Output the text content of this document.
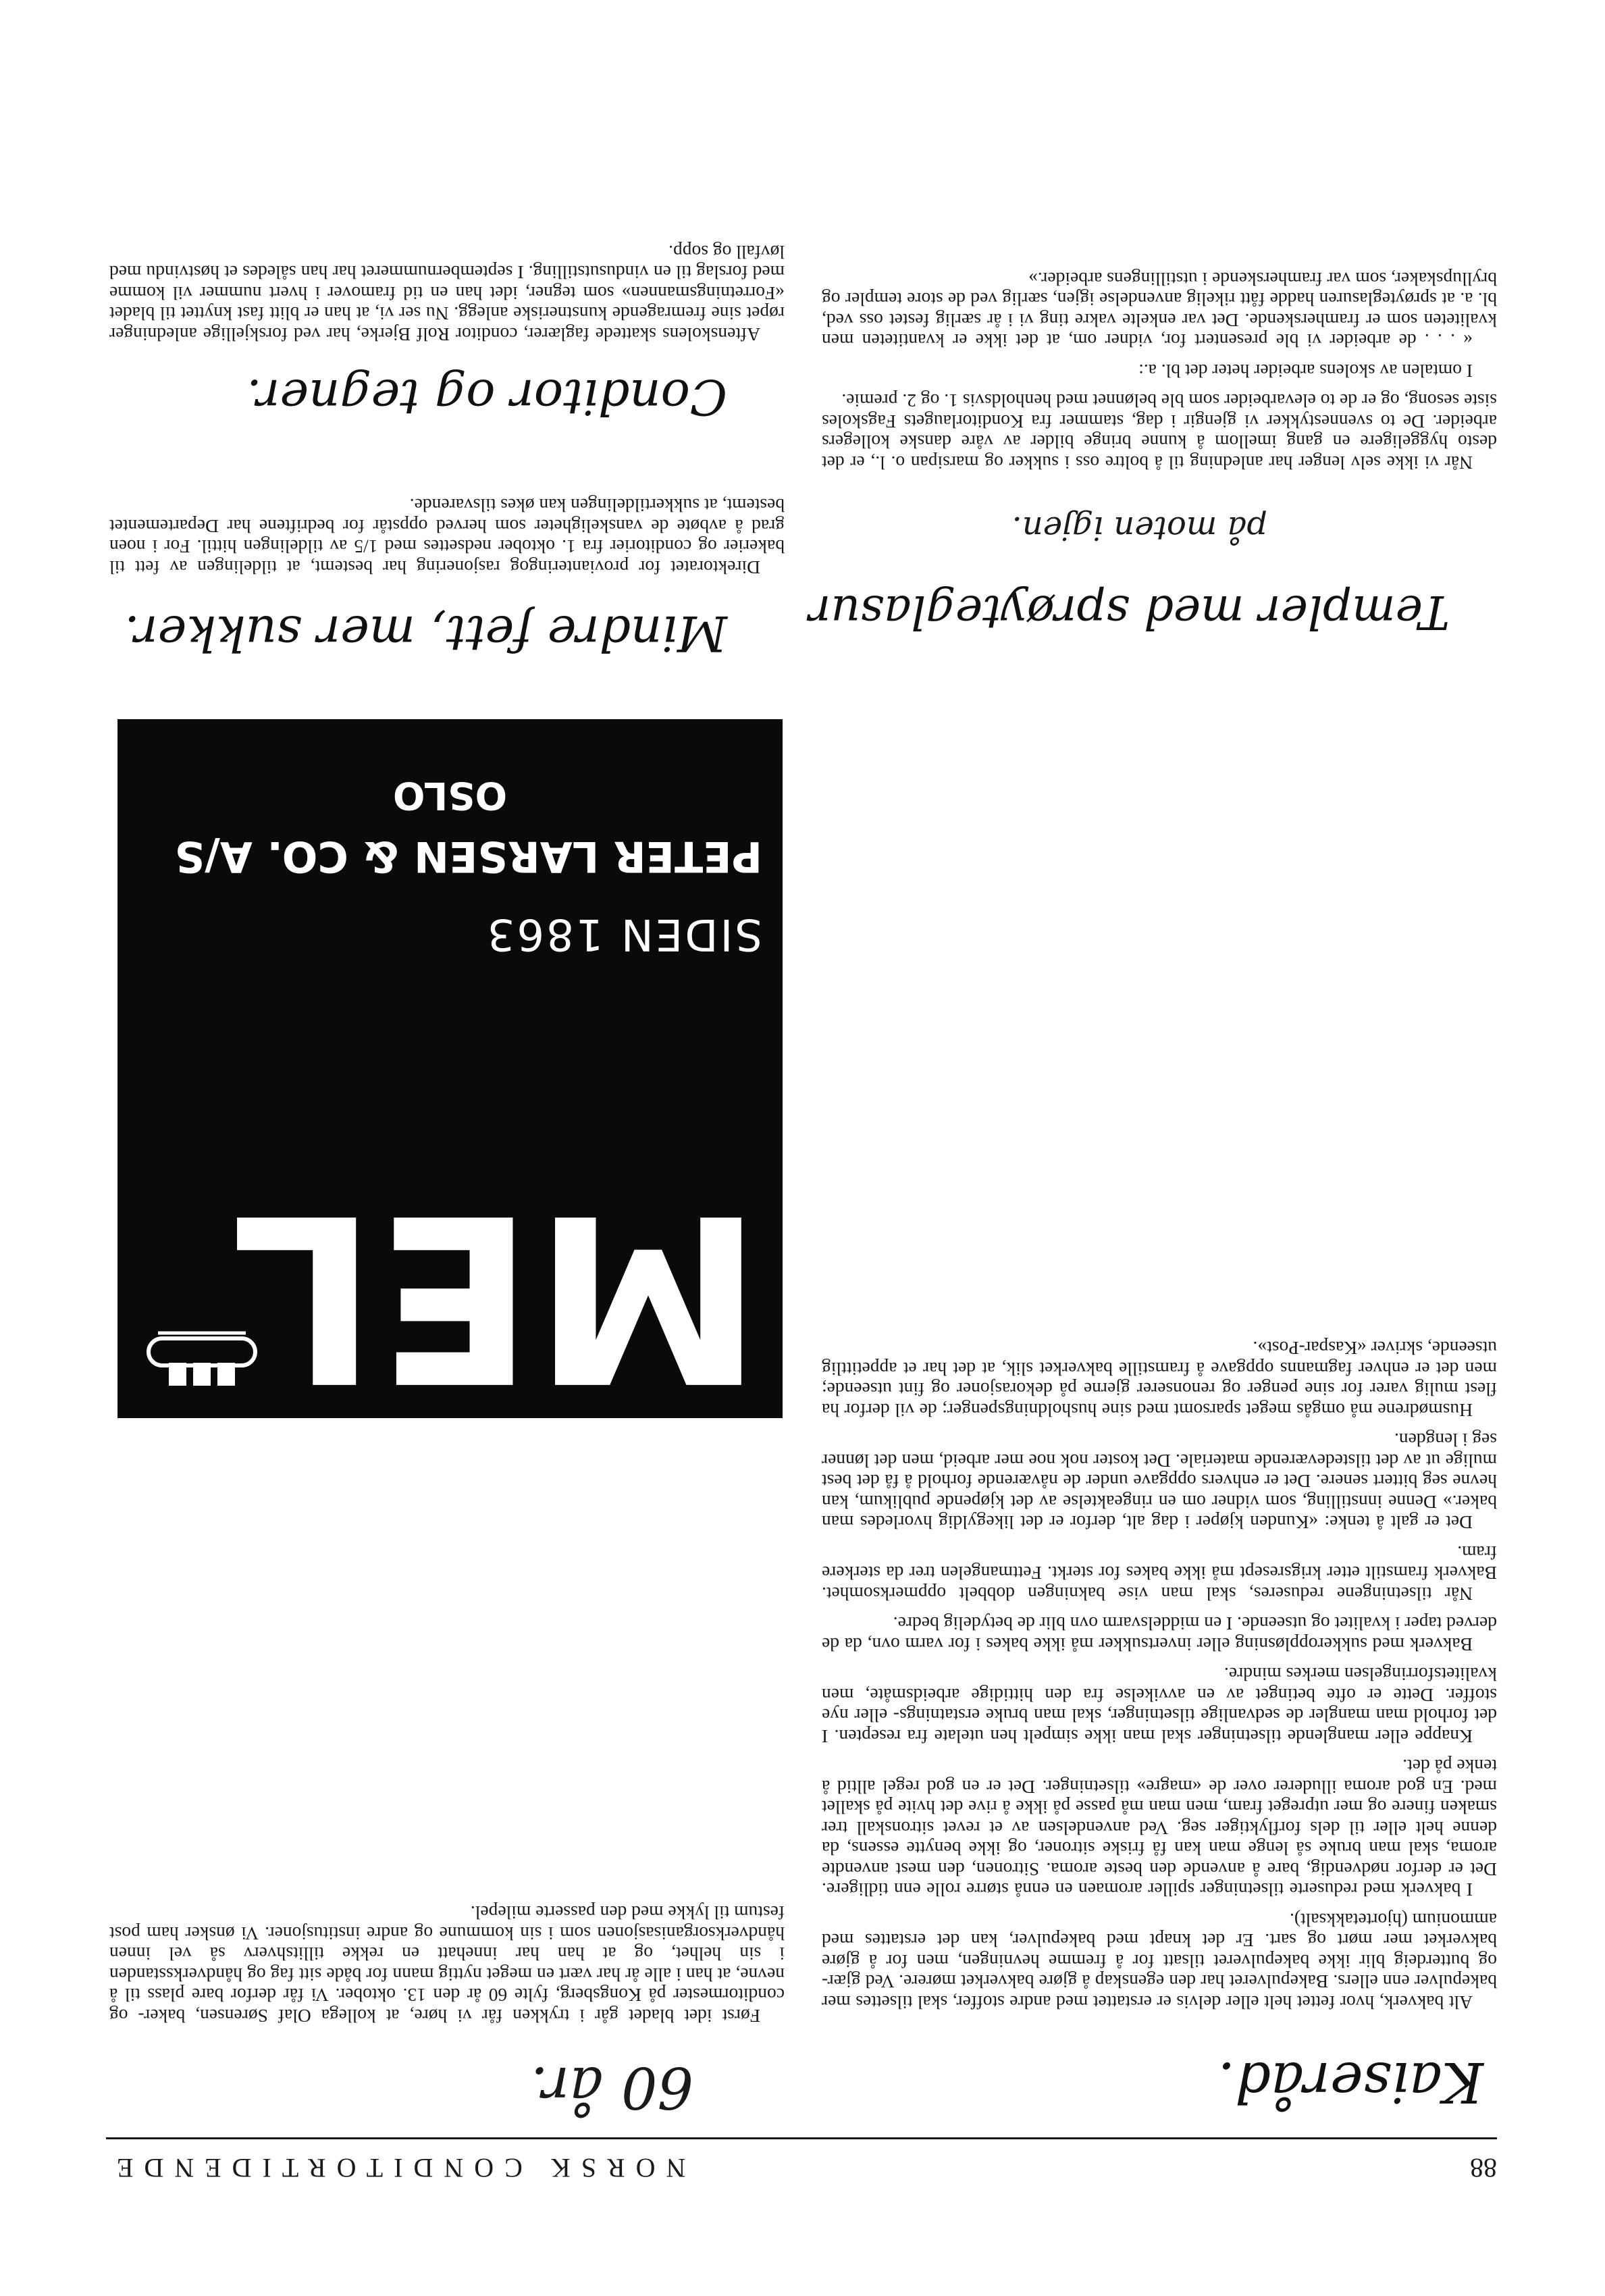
88
NORSK CONDITORTIDENDE
Kaiseråd.

Alt bakverk, hvor fettet helt eller delvis er erstattet med andre stoffer, skal tilsettes mer bakepulver enn ellers. Bakepulveret har den egenskap å gjøre bakverket mørere. Ved gjær- og butterdeig blir ikke bakepulveret tilsatt for å fremme hevningen, men for å gjøre bakverket mer mørt og sart. Er det knapt med bakepulver, kan det erstattes med ammonium (hjortetakksalt).

I bakverk med reduserte tilsetninger spiller aromaen en ennå større rolle enn tidligere. Det er derfor nødvendig, bare å anvende den beste aroma. Sitronen, den mest anvendte aroma, skal man bruke så lenge man kan få friske sitroner, og ikke benytte essens, da denne helt eller til dels forflyktiger seg. Ved anvendelsen av et revet sitronskall trer smaken finere og mer utpreget fram, men man må passe på ikke å rive det hvite på skallet med. En god aroma illuderer over de «magre» tilsetninger. Det er en god regel alltid å tenke på det.

Knappe eller manglende tilsetninger skal man ikke simpelt hen utelate fra resepten. I det forhold man mangler de sedvanlige tilsetninger, skal man bruke erstatnings- eller nye stoffer. Dette er ofte betinget av en avvikelse fra den hittidige arbeidsmåte, men kvalitetsforringelsen merkes mindre.

Bakverk med sukkeroppløsning eller invertsukker må ikke bakes i for varm ovn, da de derved taper i kvalitet og utseende. I en middelsvarm ovn blir de betydelig bedre.

Når tilsetningene reduseres, skal man vise bakningen dobbelt oppmerksomhet. Bakverk framstilt etter krigsresept må ikke bakes for sterkt. Fettmangelen trer da sterkere fram.

Det er galt å tenke: «Kunden kjøper i dag alt, derfor er det likegyldig hvorledes man baker.» Denne innstilling, som vidner om en ringeaktelse av det kjøpende publikum, kan hevne seg bittert senere. Det er enhvers oppgave under de nåværende forhold å få det best mulige ut av det tilstedeværende materiale. Det koster nok noe mer arbeid, men det lønner seg i lengden.

Husmødrene må omgås meget sparsomt med sine husholdningspenger; de vil derfor ha flest mulig varer for sine penger og renonserer gjerne på dekorasjoner og fint utseende; men det er enhver fagmanns oppgave å framstille bakverket slik, at det har et appetittlig utseende, skriver «Kaspar-Post».

Templer med sprøyteglasur
på moten igjen.

Når vi ikke selv lenger har anledning til å boltre oss i sukker og marsipan o. l., er det desto hyggeligere en gang imellom å kunne bringe bilder av våre danske kollegers arbeider. De to svennestykker vi gjengir i dag, stammer fra Konditorlaugets Fagskoles siste sesong, og er de to elevarbeider som ble belønnet med henholdsvis 1. og 2. premie.

I omtalen av skolens arbeider heter det bl. a.:

« . . . de arbeider vi ble presentert for, vidner om, at det ikke er kvantiteten men kvaliteten som er framherskende. Det var enkelte vakre ting vi i år særlig festet oss ved, bl. a. at sprøyteglasuren hadde fått rikelig anvendelse igjen, særlig ved de store templer og bryllupskaker, som var framherskende i utstillingens arbeider.»

MEL
SIDEN 1863
PETER LARSEN & CO. A/S
OSLO
Mindre fett, mer sukker.

Direktoratet for provianteringog rasjonering har bestemt, at tildelingen av fett til bakerier og conditorier fra 1. oktober nedsettes med 1/5 av tildelingen hittil. For i noen grad å avbøte de vanskeligheter som herved oppstår for bedriftene har Departementet bestemt, at sukkertildelingen kan økes tilsvarende.

Conditor og tegner.

Aftenskolens skattede faglærer, conditor Rolf Bjerke, har ved forskjellige anledninger røpet sine fremragende kunstneriske anlegg. Nu ser vi, at han er blitt fast knyttet til bladet «Forretningsmannen» som tegner, idet han en tid framover i hvert nummer vil komme med forslag til en vindusutstilling. I septembernummeret har han således et høstvindu med løvfall og sopp.

60 år.

Først idet bladet går i trykken får vi høre, at kollega Olaf Sørensen, baker- og conditormester på Kongsberg, fylte 60 år den 13. oktober. Vi får derfor bare plass til å nevne, at han i alle år har vært en meget nyttig mann for både sitt fag og håndverksstanden i sin helhet, og at han har innehatt en rekke tillitshverv så vel innen håndverksorganisasjonen som i sin kommune og andre institusjoner. Vi ønsker ham post festum til lykke med den passerte milepel.
